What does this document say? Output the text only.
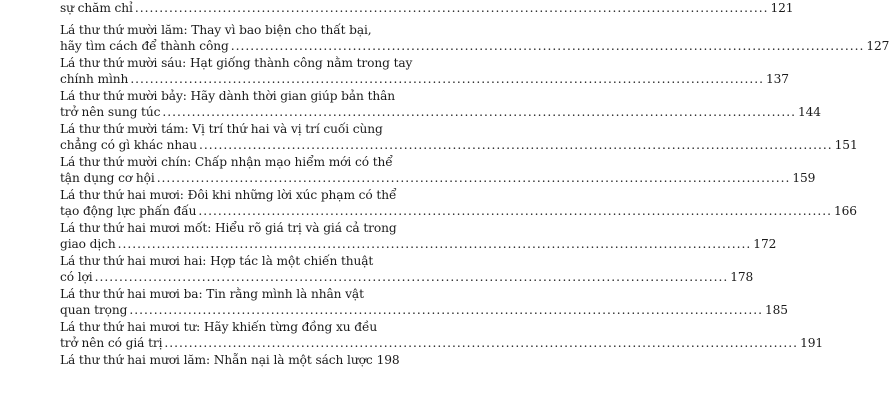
sự chăm chỉ .....	121
Lá thư thứ mười lăm: Thay vì bao biện cho thất bại,
hãy tìm cách để thành công .....	127
Lá thư thứ mười sáu: Hạt giống thành công nằm trong tay
chính mình .....	137
Lá thư thứ mười bảy: Hãy dành thời gian giúp bản thân
trở nên sung túc .....	144
Lá thư thứ mười tám: Vị trí thứ hai và vị trí cuối cùng
chẳng có gì khác nhau .....	151
Lá thư thứ mười chín: Chấp nhận mạo hiểm mới có thể
tận dụng cơ hội .....	159
Lá thư thứ hai mươi: Đôi khi những lời xúc phạm có thể
tạo động lực phấn đấu .....	166
Lá thư thứ hai mươi mốt: Hiểu rõ giá trị và giá cả trong
giao dịch .....	172
Lá thư thứ hai mươi hai: Hợp tác là một chiến thuật
có lợi .....	178
Lá thư thứ hai mươi ba: Tin rằng mình là nhân vật
quan trọng .....	185
Lá thư thứ hai mươi tư: Hãy khiến từng đồng xu đều
trở nên có giá trị .....	191
Lá thư thứ hai mươi lăm: Nhẫn nại là một sách lược 198
